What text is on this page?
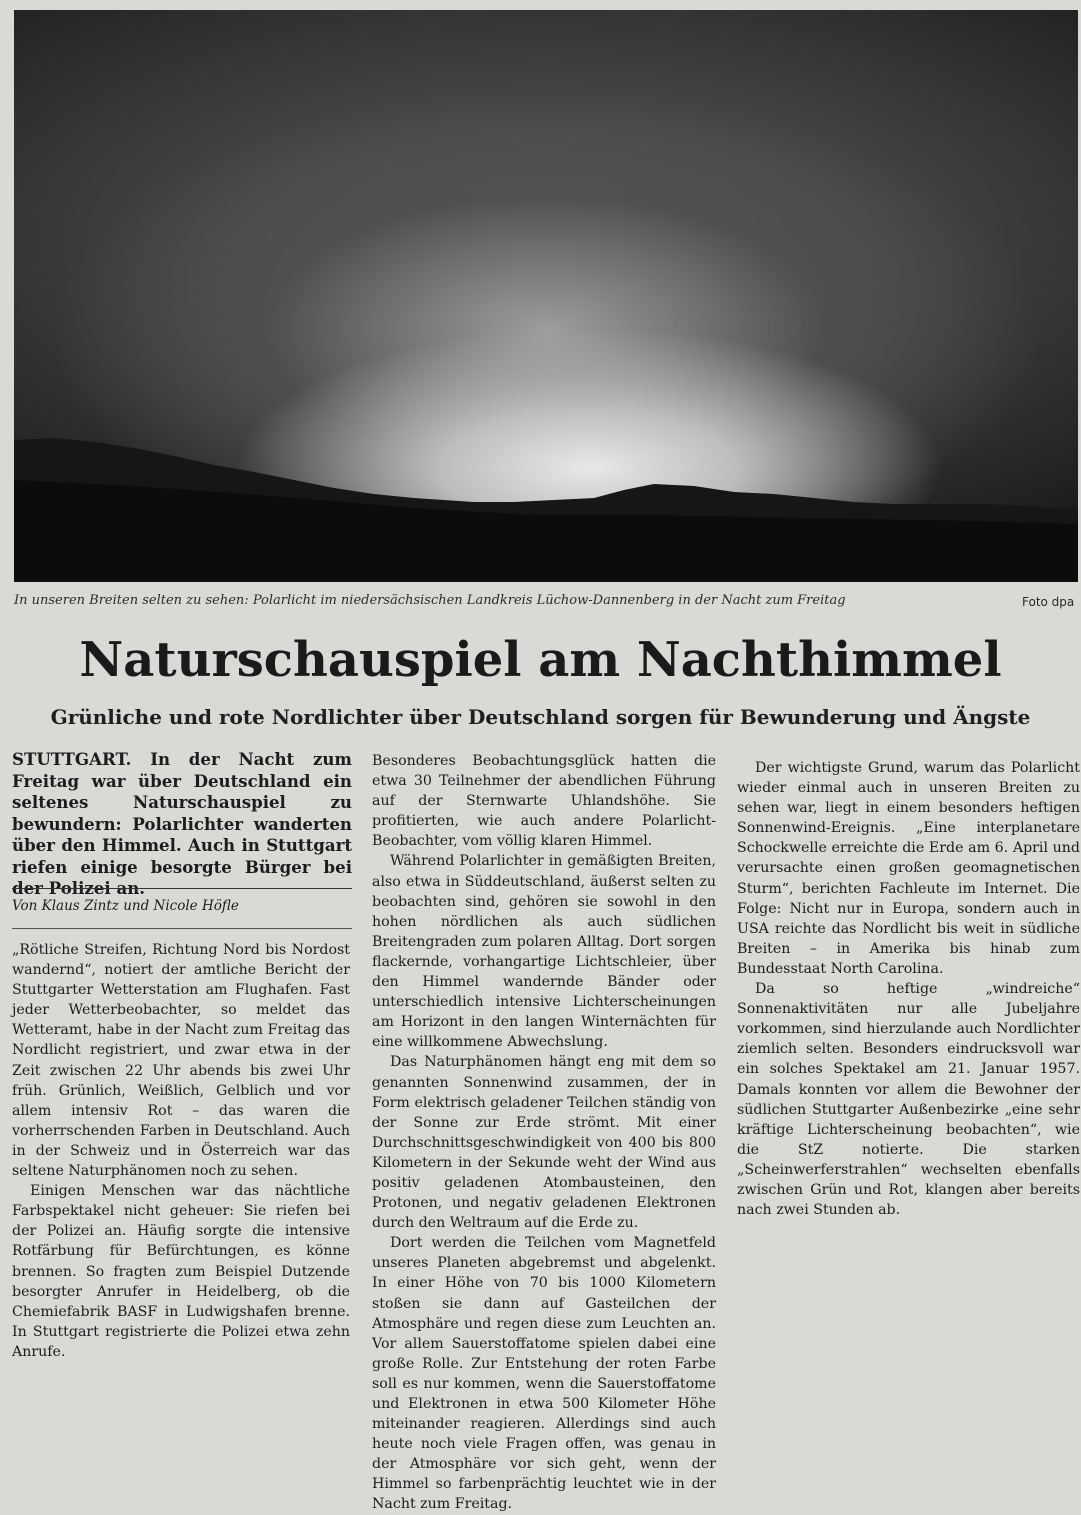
In unseren Breiten selten zu sehen: Polarlicht im niedersächsischen Landkreis Lüchow-Dannenberg in der Nacht zum Freitag	Foto dpa
Naturschauspiel am Nachthimmel
Grünliche und rote Nordlichter über Deutschland sorgen für Bewunderung und Ängste
STUTTGART. In der Nacht zum Freitag war über Deutschland ein seltenes Naturschauspiel zu bewundern: Polarlichter wanderten über den Himmel. Auch in Stuttgart riefen einige besorgte Bürger bei der Polizei an.
Von Klaus Zintz und Nicole Höfle

„Rötliche Streifen, Richtung Nord bis Nordost wandernd“, notiert der amtliche Bericht der Stuttgarter Wetterstation am Flughafen. Fast jeder Wetterbeobachter, so meldet das Wetteramt, habe in der Nacht zum Freitag das Nordlicht registriert, und zwar etwa in der Zeit zwischen 22 Uhr abends bis zwei Uhr früh. Grünlich, Weißlich, Gelblich und vor allem intensiv Rot – das waren die vorherrschenden Farben in Deutschland. Auch in der Schweiz und in Österreich war das seltene Naturphänomen noch zu sehen.

Einigen Menschen war das nächtliche Farbspektakel nicht geheuer: Sie riefen bei der Polizei an. Häufig sorgte die intensive Rotfärbung für Befürchtungen, es könne brennen. So fragten zum Beispiel Dutzende besorgter Anrufer in Heidelberg, ob die Chemiefabrik BASF in Ludwigshafen brenne. In Stuttgart registrierte die Polizei etwa zehn Anrufe.

Besonderes Beobachtungsglück hatten die etwa 30 Teilnehmer der abendlichen Führung auf der Sternwarte Uhlandshöhe. Sie profitierten, wie auch andere Polarlicht-Beobachter, vom völlig klaren Himmel.

Während Polarlichter in gemäßigten Breiten, also etwa in Süddeutschland, äußerst selten zu beobachten sind, gehören sie sowohl in den hohen nördlichen als auch südlichen Breitengraden zum polaren Alltag. Dort sorgen flackernde, vorhangartige Lichtschleier, über den Himmel wandernde Bänder oder unterschiedlich intensive Lichterscheinungen am Horizont in den langen Winternächten für eine willkommene Abwechslung.

Das Naturphänomen hängt eng mit dem so genannten Sonnenwind zusammen, der in Form elektrisch geladener Teilchen ständig von der Sonne zur Erde strömt. Mit einer Durchschnittsgeschwindigkeit von 400 bis 800 Kilometern in der Sekunde weht der Wind aus positiv geladenen Atombausteinen, den Protonen, und negativ geladenen Elektronen durch den Weltraum auf die Erde zu.

Dort werden die Teilchen vom Magnetfeld unseres Planeten abgebremst und abgelenkt. In einer Höhe von 70 bis 1000 Kilometern stoßen sie dann auf Gasteilchen der Atmosphäre und regen diese zum Leuchten an. Vor allem Sauerstoffatome spielen dabei eine große Rolle. Zur Entstehung der roten Farbe soll es nur kommen, wenn die Sauerstoffatome und Elektronen in etwa 500 Kilometer Höhe miteinander reagieren. Allerdings sind auch heute noch viele Fragen offen, was genau in der Atmosphäre vor sich geht, wenn der Himmel so farbenprächtig leuchtet wie in der Nacht zum Freitag.

Der wichtigste Grund, warum das Polarlicht wieder einmal auch in unseren Breiten zu sehen war, liegt in einem besonders heftigen Sonnenwind-Ereignis. „Eine interplanetare Schockwelle erreichte die Erde am 6. April und verursachte einen großen geomagnetischen Sturm“, berichten Fachleute im Internet. Die Folge: Nicht nur in Europa, sondern auch in USA reichte das Nordlicht bis weit in südliche Breiten – in Amerika bis hinab zum Bundesstaat North Carolina.

Da so heftige „windreiche“ Sonnenaktivitäten nur alle Jubeljahre vorkommen, sind hierzulande auch Nordlichter ziemlich selten. Besonders eindrucksvoll war ein solches Spektakel am 21. Januar 1957. Damals konnten vor allem die Bewohner der südlichen Stuttgarter Außenbezirke „eine sehr kräftige Lichterscheinung beobachten“, wie die StZ notierte. Die starken „Scheinwerferstrahlen“ wechselten ebenfalls zwischen Grün und Rot, klangen aber bereits nach zwei Stunden ab.
